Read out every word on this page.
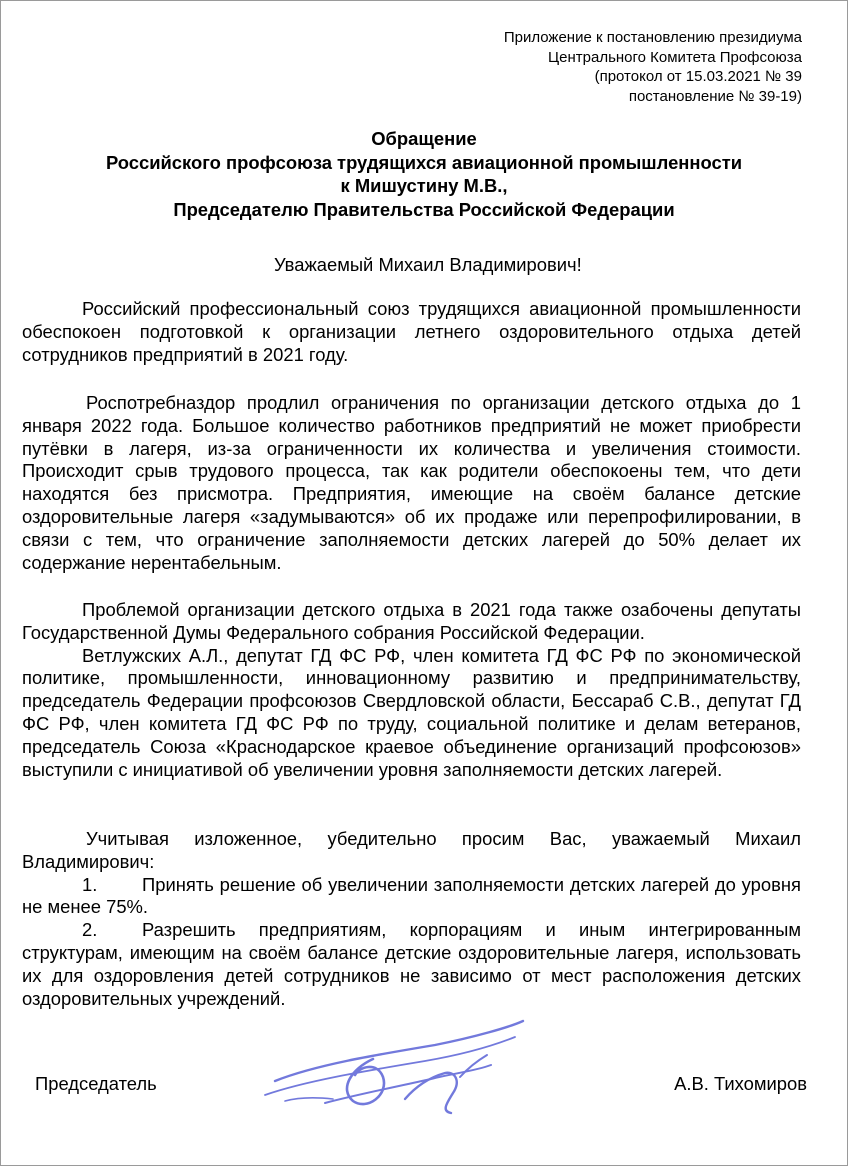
Приложение к постановлению президиума
Центрального Комитета Профсоюза
(протокол от 15.03.2021 № 39
постановление № 39-19)
Обращение
Российского профсоюза трудящихся авиационной промышленности
к Мишустину М.В.,
Председателю Правительства Российской Федерации
Уважаемый Михаил Владимирович!

Российский профессиональный союз трудящихся авиационной промышленности обеспокоен подготовкой к организации летнего оздоровительного отдыха детей сотрудников предприятий в 2021 году.

Роспотребназдор продлил ограничения по организации детского отдыха до 1 января 2022 года. Большое количество работников предприятий не может приобрести путёвки в лагеря, из-за ограниченности их количества и увеличения стоимости. Происходит срыв трудового процесса, так как родители обеспокоены тем, что дети находятся без присмотра. Предприятия, имеющие на своём балансе детские оздоровительные лагеря «задумываются» об их продаже или перепрофилировании, в связи с тем, что ограничение заполняемости детских лагерей до 50% делает их содержание нерентабельным.

Проблемой организации детского отдыха в 2021 года также озабочены депутаты Государственной Думы Федерального собрания Российской Федерации.

Ветлужских А.Л., депутат ГД ФС РФ, член комитета ГД ФС РФ по экономической политике, промышленности, инновационному развитию и предпринимательству, председатель Федерации профсоюзов Свердловской области, Бессараб С.В., депутат ГД ФС РФ, член комитета ГД ФС РФ по труду, социальной политике и делам ветеранов, председатель Союза «Краснодарское краевое объединение организаций профсоюзов» выступили с инициативой об увеличении уровня заполняемости детских лагерей.

Учитывая изложенное, убедительно просим Вас, уважаемый Михаил Владимирович:

1. Принять решение об увеличении заполняемости детских лагерей до уровня не менее 75%.

2. Разрешить предприятиям, корпорациям и иным интегрированным структурам, имеющим на своём балансе детские оздоровительные лагеря, использовать их для оздоровления детей сотрудников не зависимо от мест расположения детских оздоровительных учреждений.

Председатель	А.В. Тихомиров
